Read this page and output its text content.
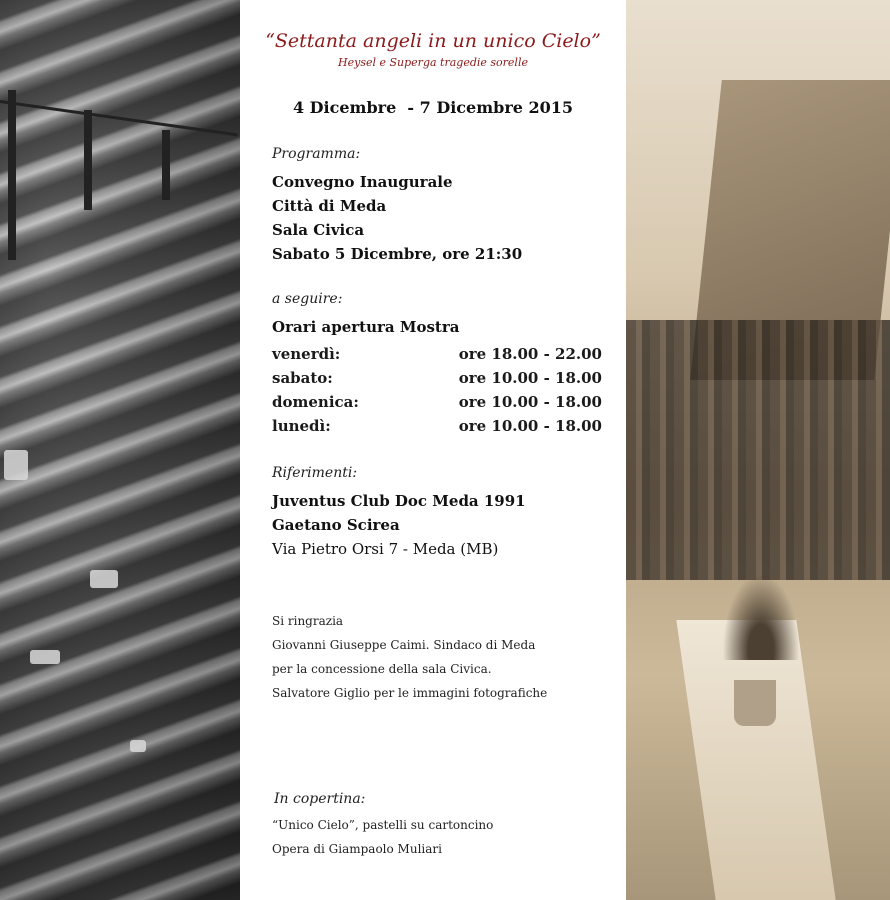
“Settanta angeli in un unico Cielo”
Heysel e Superga tragedie sorelle
4 Dicembre  - 7 Dicembre 2015
Programma:
Convegno Inaugurale
Città di Meda
Sala Civica
Sabato 5 Dicembre, ore 21:30
a seguire:
Orari apertura Mostra
venerdì:	ore 18.00 - 22.00
sabato:	ore 10.00 - 18.00
domenica:	ore 10.00 - 18.00
lunedì:	ore 10.00 - 18.00
Riferimenti:
Juventus Club Doc Meda 1991
Gaetano Scirea
Via Pietro Orsi 7 - Meda (MB)
Si ringrazia
Giovanni Giuseppe Caimi. Sindaco di Meda
per la concessione della sala Civica.
Salvatore Giglio per le immagini fotografiche
In copertina:
“Unico Cielo”, pastelli su cartoncino
Opera di Giampaolo Muliari
